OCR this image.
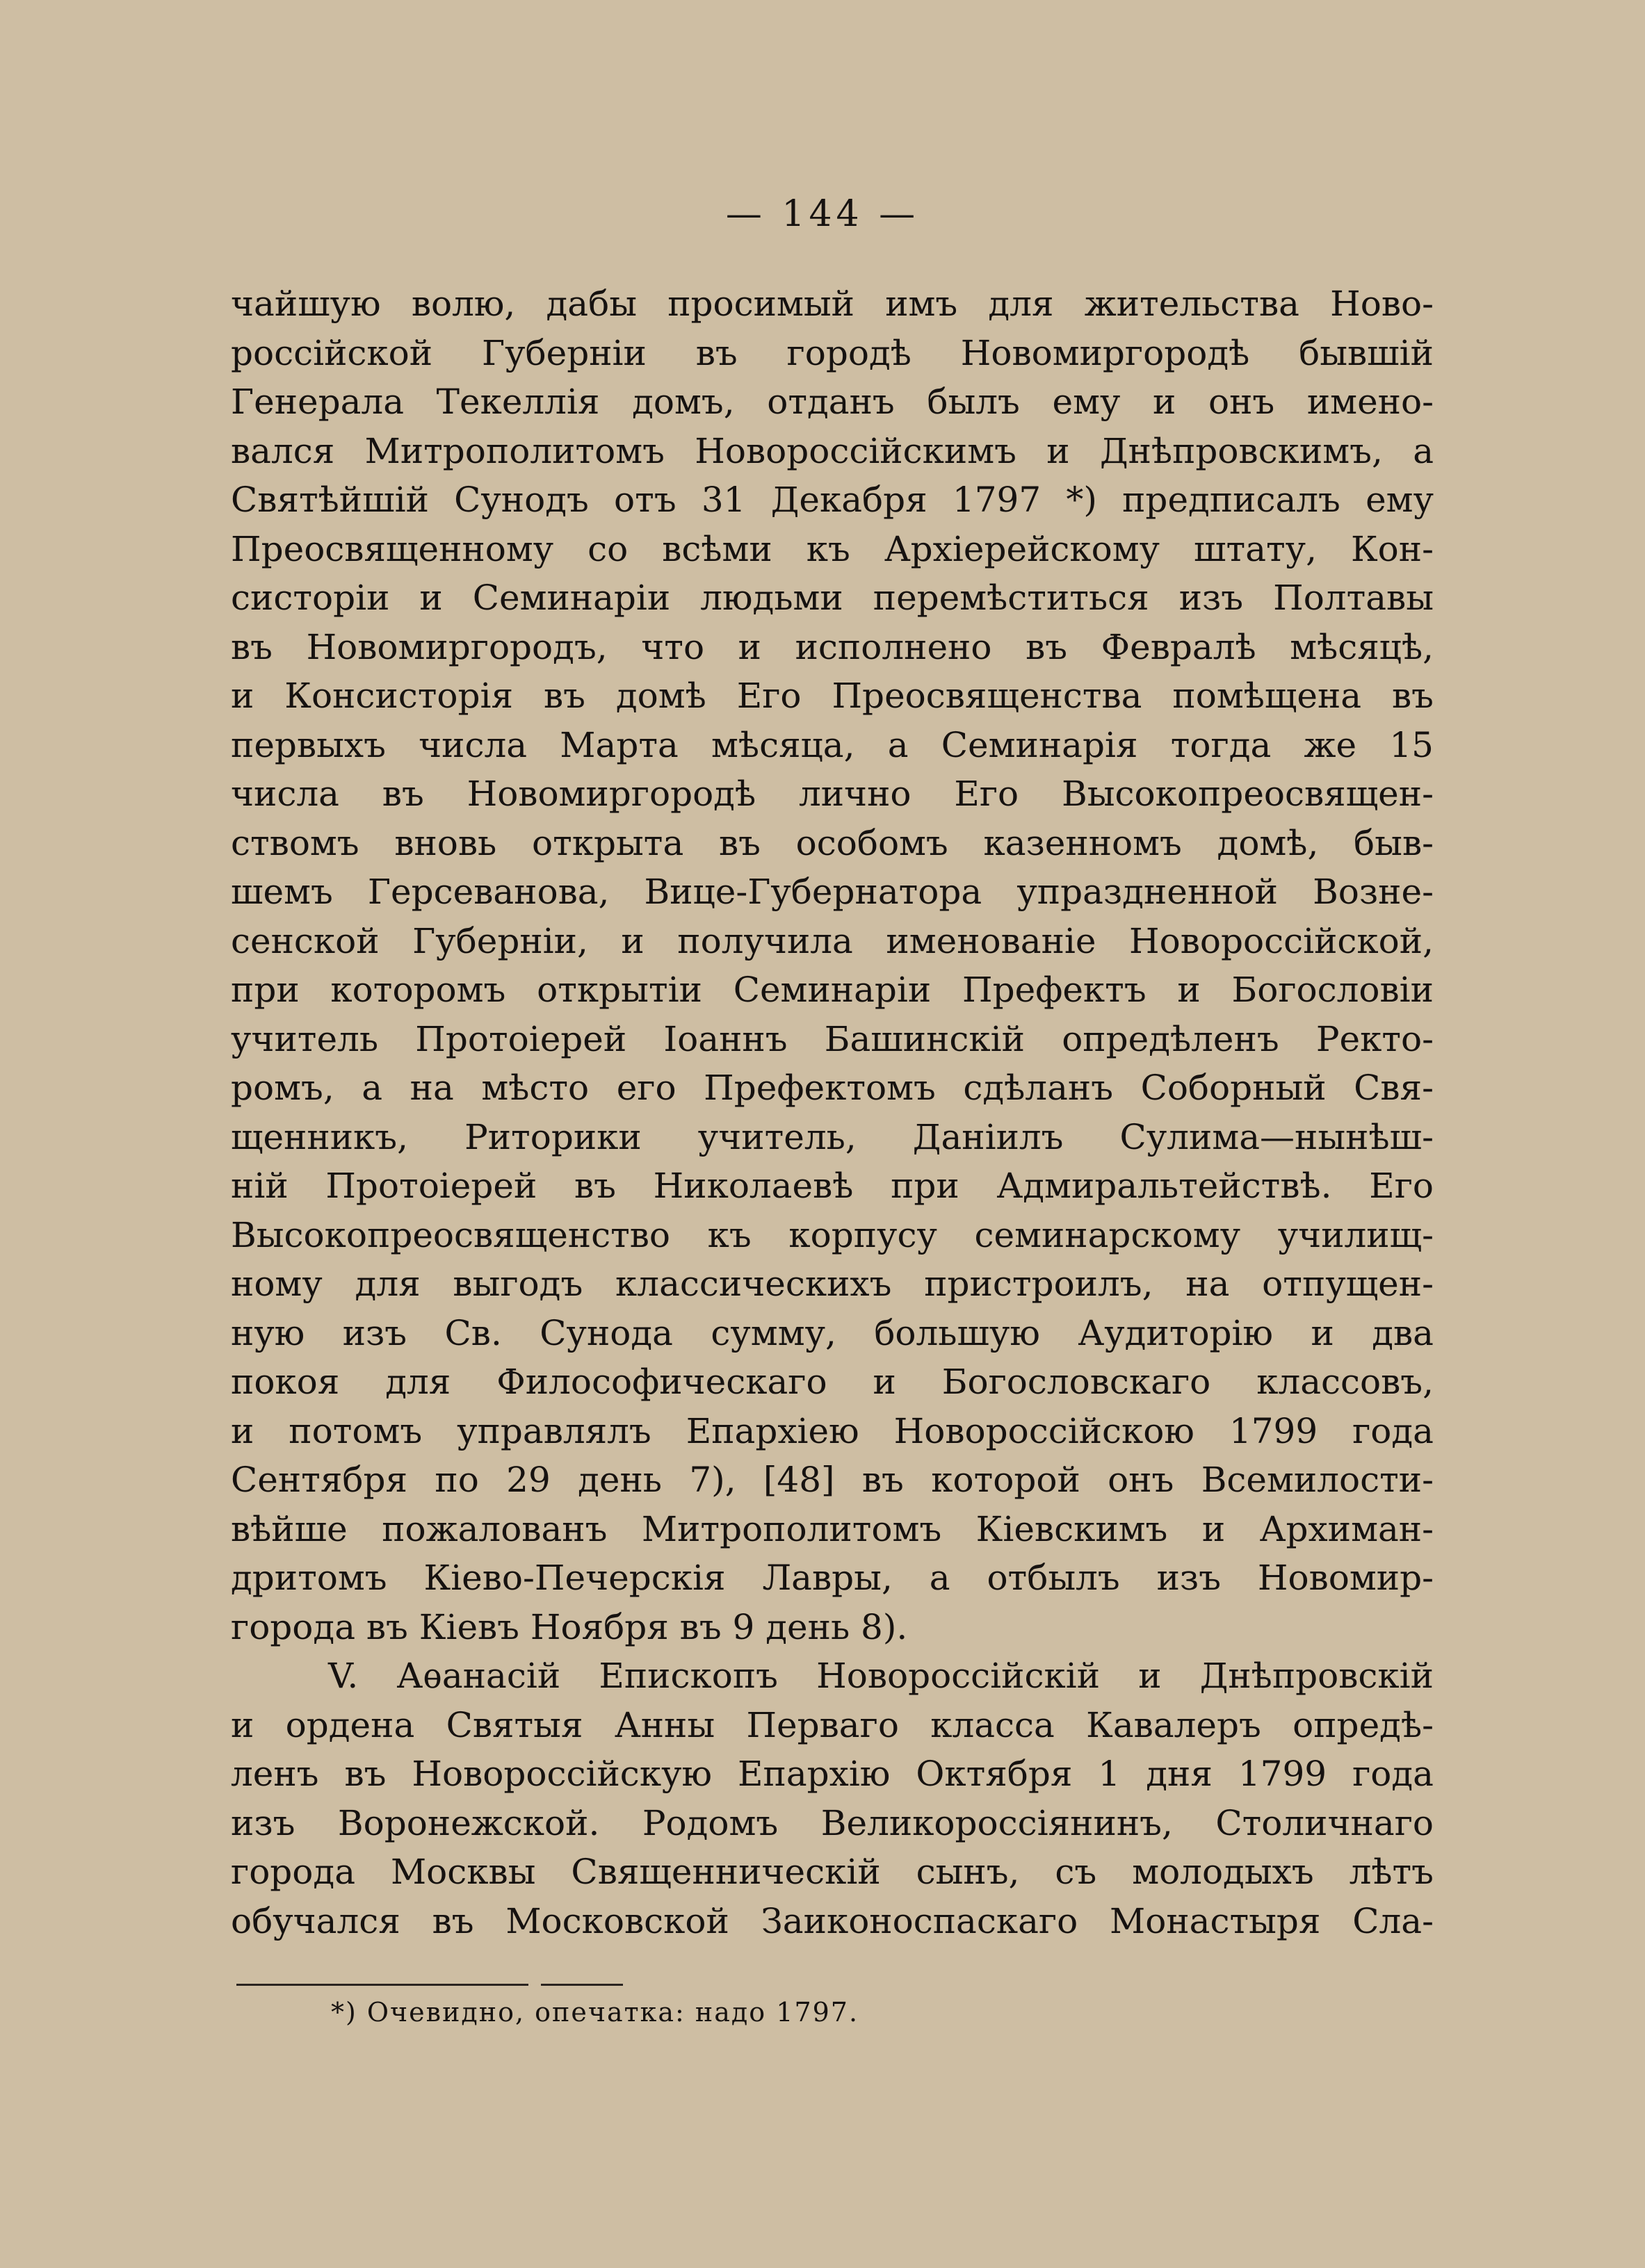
— 144 —
чайшую волю, дабы просимый имъ для жительства Ново-
россійской Губерніи въ городѣ Новомиргородѣ бывшій
Генерала Текеллія домъ, отданъ былъ ему и онъ имено-
вался Митрополитомъ Новороссійскимъ и Днѣпровскимъ, а
Святѣйшій Сунодъ отъ 31 Декабря 1797 *) предписалъ ему
Преосвященному со всѣми къ Архіерейскому штату, Кон-
систоріи и Семинаріи людьми перемѣститься изъ Полтавы
въ Новомиргородъ, что и исполнено въ Февралѣ мѣсяцѣ,
и Консисторія въ домѣ Его Преосвященства помѣщена въ
первыхъ числа Марта мѣсяца, а Семинарія тогда же 15
числа въ Новомиргородѣ лично Его Высокопреосвящен-
ствомъ вновь открыта въ особомъ казенномъ домѣ, быв-
шемъ Герсеванова, Вице-Губернатора упраздненной Возне-
сенской Губерніи, и получила именованіе Новороссійской,
при которомъ открытіи Семинаріи Префектъ и Богословіи
учитель Протоіерей Іоаннъ Башинскій опредѣленъ Ректо-
ромъ, а на мѣсто его Префектомъ сдѣланъ Соборный Свя-
щенникъ, Риторики учитель, Даніилъ Сулима—нынѣш-
ній Протоіерей въ Николаевѣ при Адмиральтействѣ. Его
Высокопреосвященство къ корпусу семинарскому училищ-
ному для выгодъ классическихъ пристроилъ, на отпущен-
ную изъ Св. Сунода сумму, большую Аудиторію и два
покоя для Философическаго и Богословскаго классовъ,
и потомъ управлялъ Епархіею Новороссійскою 1799 года
Сентября по 29 день 7), [48] въ которой онъ Всемилости-
вѣйше пожалованъ Митрополитомъ Кіевскимъ и Архиман-
дритомъ Кіево-Печерскія Лавры, а отбылъ изъ Новомир-
города въ Кіевъ Ноября въ 9 день 8).
V. Аѳанасій Епископъ Новороссійскій и Днѣпровскій
и ордена Святыя Анны Перваго класса Кавалеръ опредѣ-
ленъ въ Новороссійскую Епархію Октября 1 дня 1799 года
изъ Воронежской. Родомъ Великороссіянинъ, Столичнаго
города Москвы Священническій сынъ, съ молодыхъ лѣтъ
обучался въ Московской Заиконоспаскаго Монастыря Сла-
*) Очевидно, опечатка: надо 1797.
